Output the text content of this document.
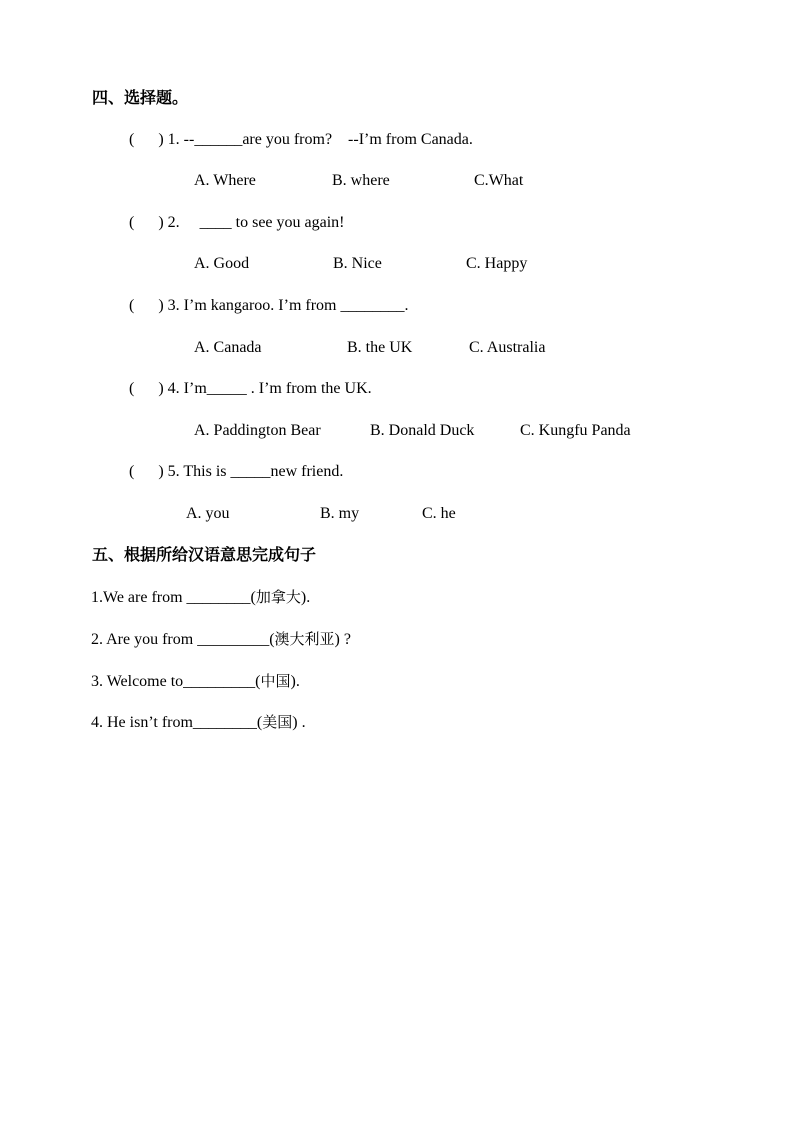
四、选择题。
(      ) 1. --______are you from?    --I’m from Canada.
A. Where	B. where	C.What
(      ) 2.     ____ to see you again!
A. Good	B. Nice	C. Happy
(      ) 3. I’m kangaroo. I’m from ________.
A. Canada	B. the UK	C. Australia
(      ) 4. I’m_____ . I’m from the UK.
A. Paddington Bear	B. Donald Duck	C. Kungfu Panda
(      ) 5. This is _____new friend.
A. you	B. my	C. he
五、根据所给汉语意思完成句子
1.We are from ________(加拿大).
2. Are you from _________(澳大利亚) ?
3. Welcome to_________(中国).
4. He isn’t from________(美国) .
